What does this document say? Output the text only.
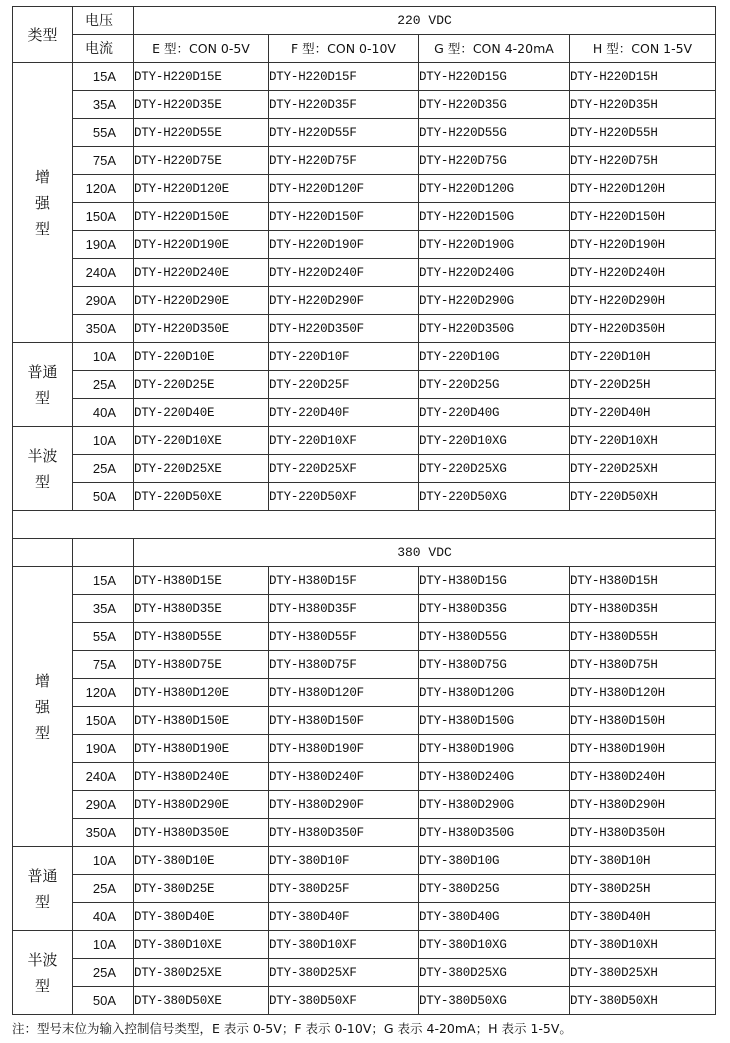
类型	电压	220 VDC			
	电流	E 型：CON 0-5V	F 型：CON 0-10V	G 型：CON 4-20mA	H 型：CON 1-5V
增
强
型	15A	DTY-H220D15E	DTY-H220D15F	DTY-H220D15G	DTY-H220D15H
	35A	DTY-H220D35E	DTY-H220D35F	DTY-H220D35G	DTY-H220D35H
	55A	DTY-H220D55E	DTY-H220D55F	DTY-H220D55G	DTY-H220D55H
	75A	DTY-H220D75E	DTY-H220D75F	DTY-H220D75G	DTY-H220D75H
	120A	DTY-H220D120E	DTY-H220D120F	DTY-H220D120G	DTY-H220D120H
	150A	DTY-H220D150E	DTY-H220D150F	DTY-H220D150G	DTY-H220D150H
	190A	DTY-H220D190E	DTY-H220D190F	DTY-H220D190G	DTY-H220D190H
	240A	DTY-H220D240E	DTY-H220D240F	DTY-H220D240G	DTY-H220D240H
	290A	DTY-H220D290E	DTY-H220D290F	DTY-H220D290G	DTY-H220D290H
	350A	DTY-H220D350E	DTY-H220D350F	DTY-H220D350G	DTY-H220D350H
普通
型	10A	DTY-220D10E	DTY-220D10F	DTY-220D10G	DTY-220D10H
	25A	DTY-220D25E	DTY-220D25F	DTY-220D25G	DTY-220D25H
	40A	DTY-220D40E	DTY-220D40F	DTY-220D40G	DTY-220D40H
半波
型	10A	DTY-220D10XE	DTY-220D10XF	DTY-220D10XG	DTY-220D10XH
	25A	DTY-220D25XE	DTY-220D25XF	DTY-220D25XG	DTY-220D25XH
	50A	DTY-220D50XE	DTY-220D50XF	DTY-220D50XG	DTY-220D50XH

		380 VDC			
增
强
型	15A	DTY-H380D15E	DTY-H380D15F	DTY-H380D15G	DTY-H380D15H
	35A	DTY-H380D35E	DTY-H380D35F	DTY-H380D35G	DTY-H380D35H
	55A	DTY-H380D55E	DTY-H380D55F	DTY-H380D55G	DTY-H380D55H
	75A	DTY-H380D75E	DTY-H380D75F	DTY-H380D75G	DTY-H380D75H
	120A	DTY-H380D120E	DTY-H380D120F	DTY-H380D120G	DTY-H380D120H
	150A	DTY-H380D150E	DTY-H380D150F	DTY-H380D150G	DTY-H380D150H
	190A	DTY-H380D190E	DTY-H380D190F	DTY-H380D190G	DTY-H380D190H
	240A	DTY-H380D240E	DTY-H380D240F	DTY-H380D240G	DTY-H380D240H
	290A	DTY-H380D290E	DTY-H380D290F	DTY-H380D290G	DTY-H380D290H
	350A	DTY-H380D350E	DTY-H380D350F	DTY-H380D350G	DTY-H380D350H
普通
型	10A	DTY-380D10E	DTY-380D10F	DTY-380D10G	DTY-380D10H
	25A	DTY-380D25E	DTY-380D25F	DTY-380D25G	DTY-380D25H
	40A	DTY-380D40E	DTY-380D40F	DTY-380D40G	DTY-380D40H
半波
型	10A	DTY-380D10XE	DTY-380D10XF	DTY-380D10XG	DTY-380D10XH
	25A	DTY-380D25XE	DTY-380D25XF	DTY-380D25XG	DTY-380D25XH
	50A	DTY-380D50XE	DTY-380D50XF	DTY-380D50XG	DTY-380D50XH
注：型号末位为输入控制信号类型，E 表示 0-5V；F 表示 0-10V；G 表示 4-20mA；H 表示 1-5V。
